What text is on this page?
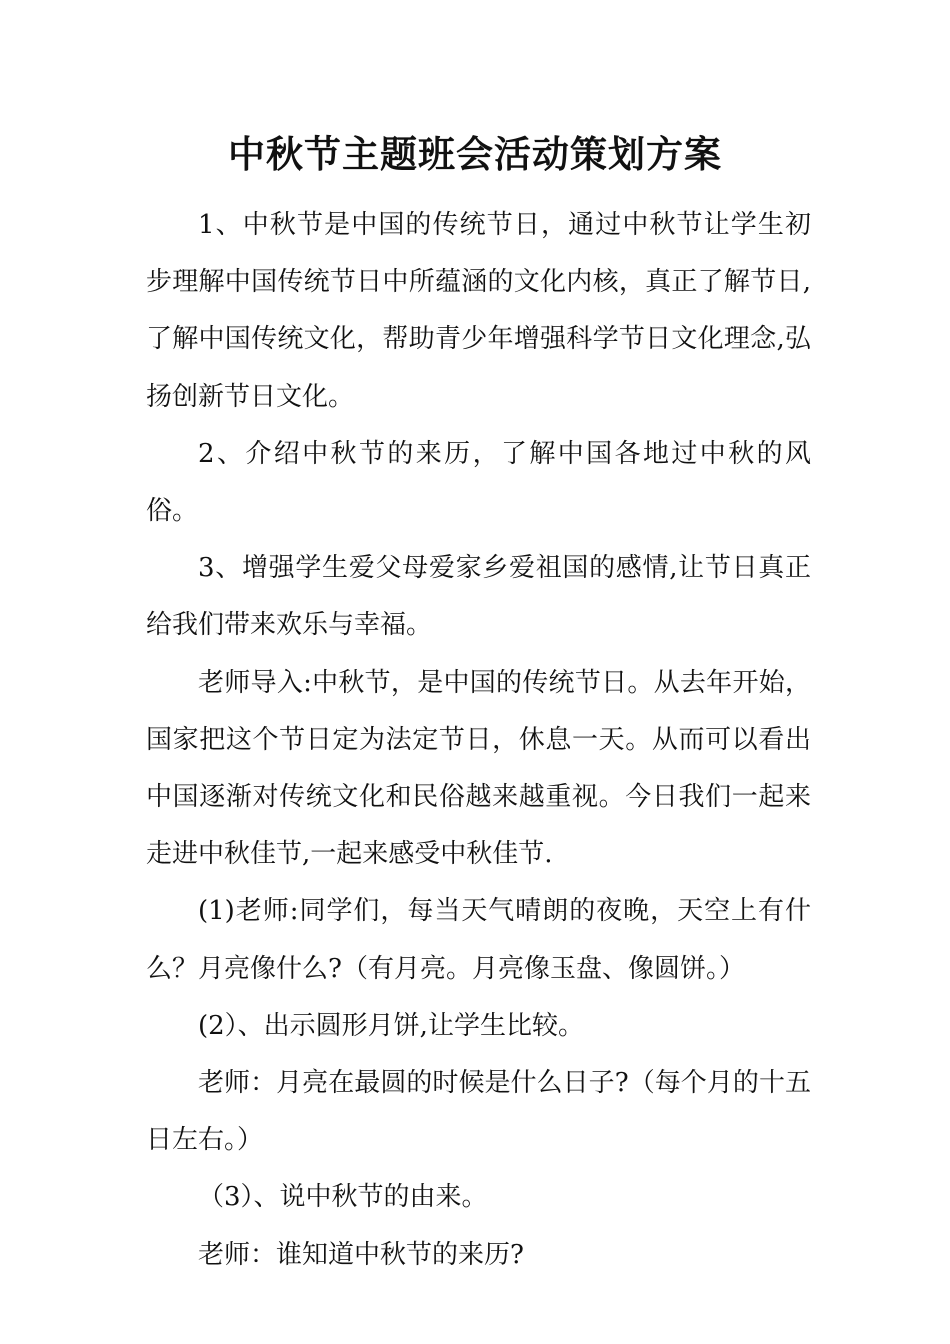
中秋节主题班会活动策划方案

1、中秋节是中国的传统节日，通过中秋节让学生初步理解中国传统节日中所蕴涵的文化内核，真正了解节日,了解中国传统文化，帮助青少年增强科学节日文化理念,弘扬创新节日文化。

2、介绍中秋节的来历，了解中国各地过中秋的风俗。

3、增强学生爱父母爱家乡爱祖国的感情,让节日真正给我们带来欢乐与幸福。

老师导入:中秋节，是中国的传统节日。从去年开始，国家把这个节日定为法定节日，休息一天。从而可以看出中国逐渐对传统文化和民俗越来越重视。今日我们一起来走进中秋佳节,一起来感受中秋佳节.

(1)老师:同学们，每当天气晴朗的夜晚，天空上有什么？月亮像什么?（有月亮。月亮像玉盘、像圆饼。）

(2）、出示圆形月饼,让学生比较。

老师：月亮在最圆的时候是什么日子?（每个月的十五日左右。）

（3）、说中秋节的由来。

老师：谁知道中秋节的来历?
